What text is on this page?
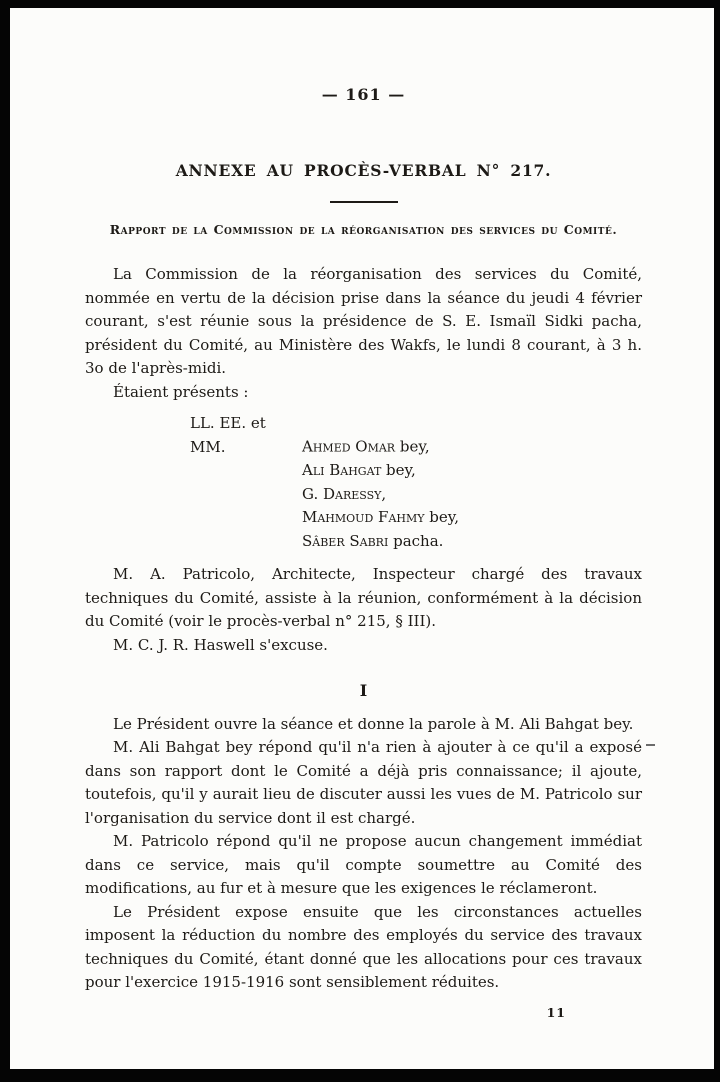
— 161 —
ANNEXE AU PROCÈS-VERBAL N° 217.
Rapport de la Commission de la réorganisation des services du Comité.

La Commission de la réorganisation des services du Comité, nommée en vertu de la décision prise dans la séance du jeudi 4 février courant, s'est réunie sous la présidence de S. E. Ismaïl Sidki pacha, président du Comité, au Ministère des Wakfs, le lundi 8 courant, à 3 h. 3o de l'après-midi.

Étaient présents :

LL. EE. et MM.	Ahmed Omar bey,
Ali Bahgat bey,
G. Daressy,
Mahmoud Fahmy bey,
Sâber Sabri pacha.

M. A. Patricolo, Architecte, Inspecteur chargé des travaux techniques du Comité, assiste à la réunion, conformément à la décision du Comité (voir le procès-verbal n° 215, § III).

M. C. J. R. Haswell s'excuse.

I

Le Président ouvre la séance et donne la parole à M. Ali Bahgat bey.

M. Ali Bahgat bey répond qu'il n'a rien à ajouter à ce qu'il a exposé dans son rapport dont le Comité a déjà pris connaissance; il ajoute, toutefois, qu'il y aurait lieu de discuter aussi les vues de M. Patricolo sur l'organisation du service dont il est chargé.

M. Patricolo répond qu'il ne propose aucun changement immédiat dans ce service, mais qu'il compte soumettre au Comité des modifications, au fur et à mesure que les exigences le réclameront.

Le Président expose ensuite que les circonstances actuelles imposent la réduction du nombre des employés du service des travaux techniques du Comité, étant donné que les allocations pour ces travaux pour l'exercice 1915-1916 sont sensiblement réduites.

11
